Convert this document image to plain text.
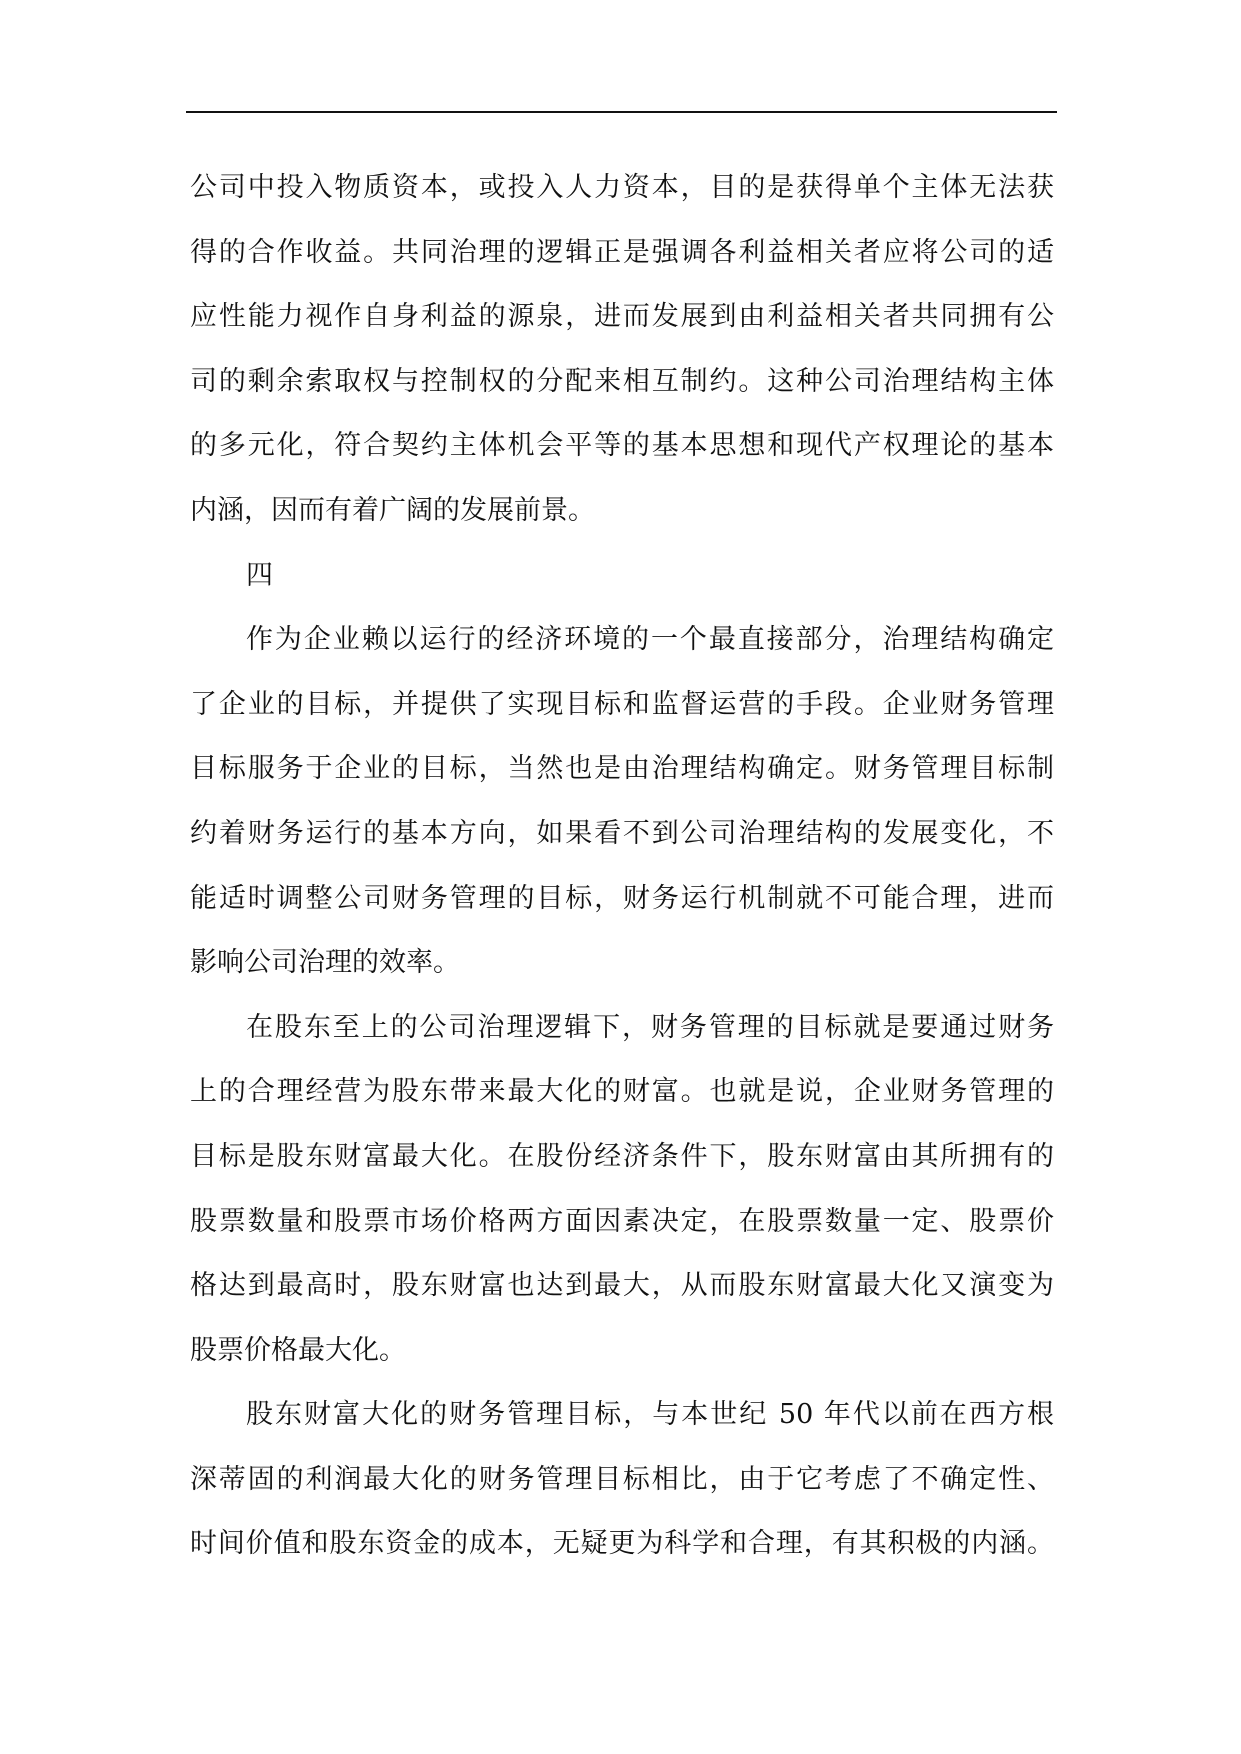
公司中投入物质资本，或投入人力资本，目的是获得单个主体无法获
得的合作收益。共同治理的逻辑正是强调各利益相关者应将公司的适
应性能力视作自身利益的源泉，进而发展到由利益相关者共同拥有公
司的剩余索取权与控制权的分配来相互制约。这种公司治理结构主体
的多元化，符合契约主体机会平等的基本思想和现代产权理论的基本
内涵，因而有着广阔的发展前景。
四
作为企业赖以运行的经济环境的一个最直接部分，治理结构确定
了企业的目标，并提供了实现目标和监督运营的手段。企业财务管理
目标服务于企业的目标，当然也是由治理结构确定。财务管理目标制
约着财务运行的基本方向，如果看不到公司治理结构的发展变化，不
能适时调整公司财务管理的目标，财务运行机制就不可能合理，进而
影响公司治理的效率。
在股东至上的公司治理逻辑下，财务管理的目标就是要通过财务
上的合理经营为股东带来最大化的财富。也就是说，企业财务管理的
目标是股东财富最大化。在股份经济条件下，股东财富由其所拥有的
股票数量和股票市场价格两方面因素决定，在股票数量一定、股票价
格达到最高时，股东财富也达到最大，从而股东财富最大化又演变为
股票价格最大化。
股东财富大化的财务管理目标，与本世纪 50 年代以前在西方根
深蒂固的利润最大化的财务管理目标相比，由于它考虑了不确定性、
时间价值和股东资金的成本，无疑更为科学和合理，有其积极的内涵。
